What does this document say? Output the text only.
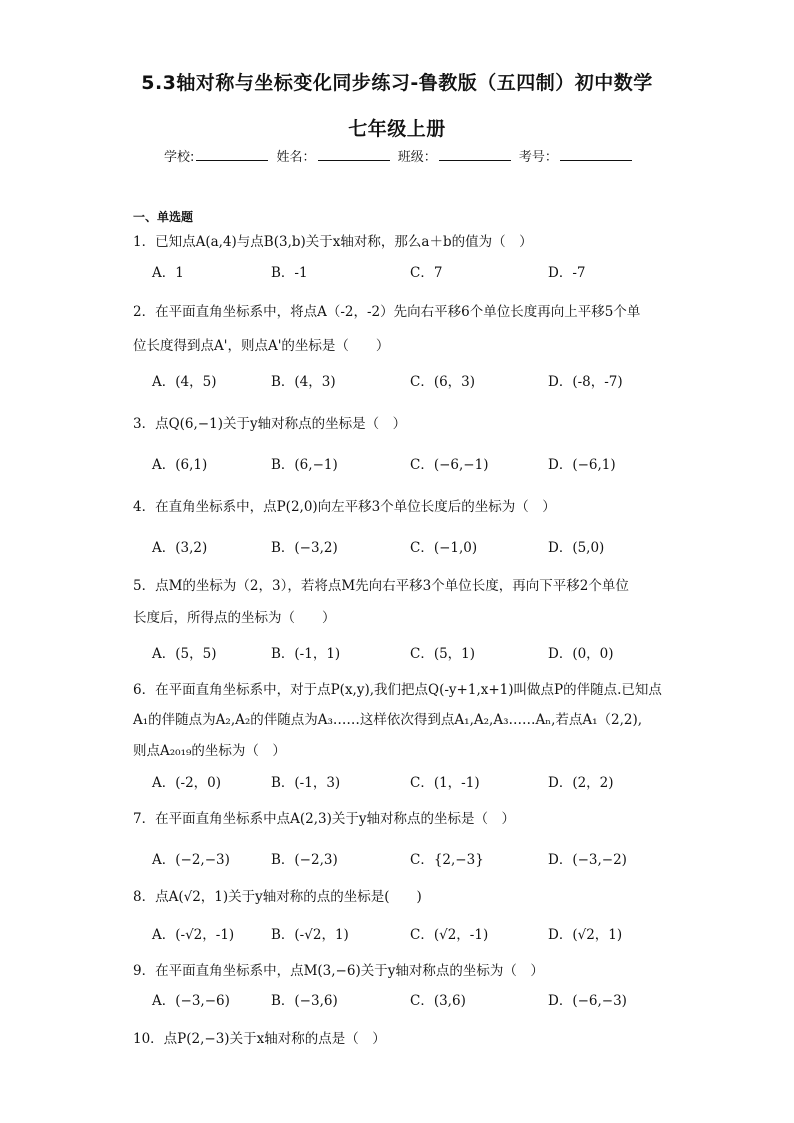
5.3轴对称与坐标变化同步练习-鲁教版（五四制）初中数学
七年级上册
学校:	姓名：	班级：	考号：
一、单选题
1．已知点A(a,4)与点B(3,b)关于x轴对称，那么a＋b的值为（　）
A．1	B．-1	C．7	D．-7
2．在平面直角坐标系中，将点A（-2，-2）先向右平移6个单位长度再向上平移5个单
位长度得到点A'，则点A'的坐标是（　　）
A．(4，5)	B．(4，3)	C．(6，3)	D．(-8，-7)
3．点Q(6,−1)关于y轴对称点的坐标是（　）
A．(6,1)	B．(6,−1)	C．(−6,−1)	D．(−6,1)
4．在直角坐标系中，点P(2,0)向左平移3个单位长度后的坐标为（　）
A．(3,2)	B．(−3,2)	C．(−1,0)	D．(5,0)
5．点M的坐标为（2，3），若将点M先向右平移3个单位长度，再向下平移2个单位
长度后，所得点的坐标为（　　）
A．(5，5)	B．(-1，1)	C．(5，1)	D．(0，0)
6．在平面直角坐标系中，对于点P(x,y),我们把点Q(-y+1,x+1)叫做点P的伴随点.已知点
A₁的伴随点为A₂,A₂的伴随点为A₃……这样依次得到点A₁,A₂,A₃……Aₙ,若点A₁（2,2),
则点A₂₀₁₉的坐标为（　）
A．(-2，0)	B．(-1，3)	C．(1，-1)	D．(2，2)
7．在平面直角坐标系中点A(2,3)关于y轴对称点的坐标是（　）
A．(−2,−3)	B．(−2,3)	C．{2,−3}	D．(−3,−2)
8．点A(√2，1)关于y轴对称的点的坐标是(　　)
A．(-√2，-1)	B．(-√2，1)	C．(√2，-1)	D．(√2，1)
9．在平面直角坐标系中，点M(3,−6)关于y轴对称点的坐标为（　）
A．(−3,−6)	B．(−3,6)	C．(3,6)	D．(−6,−3)
10．点P(2,−3)关于x轴对称的点是（　）
